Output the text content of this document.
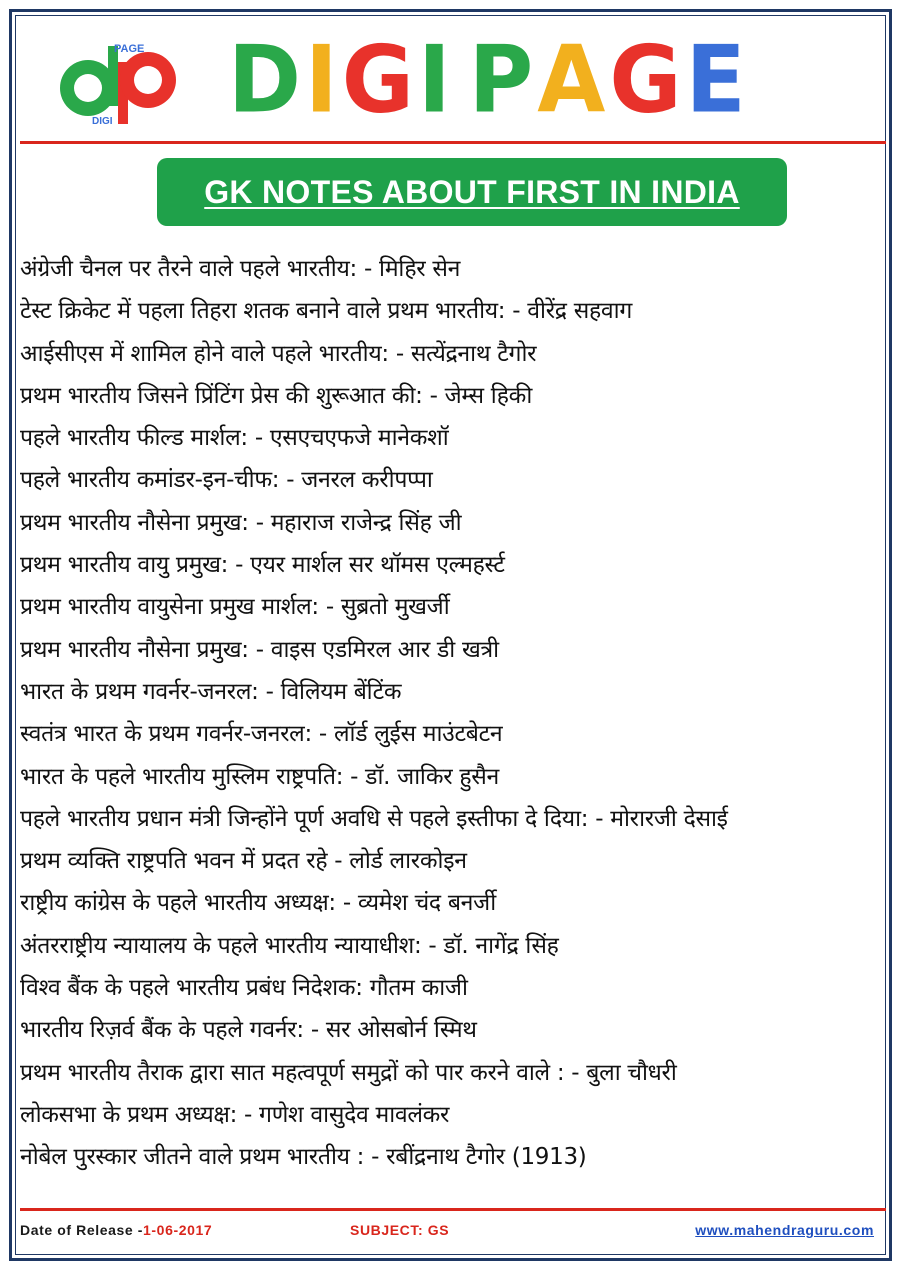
PAGE
DIGI D I G I P A G E
GK NOTES ABOUT FIRST IN INDIA
अंग्रेजी चैनल पर तैरने वाले पहले भारतीय: - मिहिर सेन
टेस्ट क्रिकेट में पहला तिहरा शतक बनाने वाले प्रथम भारतीय: - वीरेंद्र सहवाग
आईसीएस में शामिल होने वाले पहले भारतीय: - सत्येंद्रनाथ टैगोर
प्रथम भारतीय जिसने प्रिंटिंग प्रेस की शुरूआत की: - जेम्स हिकी
पहले भारतीय फील्ड मार्शल: - एसएचएफजे मानेकशॉ
पहले भारतीय कमांडर-इन-चीफ: - जनरल करीपप्पा
प्रथम भारतीय नौसेना प्रमुख: - महाराज राजेन्द्र सिंह जी
प्रथम भारतीय वायु प्रमुख: - एयर मार्शल सर थॉमस एल्महर्स्ट
प्रथम भारतीय वायुसेना प्रमुख मार्शल: - सुब्रतो मुखर्जी
प्रथम भारतीय नौसेना प्रमुख: - वाइस एडमिरल आर डी खत्री
भारत के प्रथम गवर्नर-जनरल: - विलियम बेंटिंक
स्वतंत्र भारत के प्रथम गवर्नर-जनरल: - लॉर्ड लुईस माउंटबेटन
भारत के पहले भारतीय मुस्लिम राष्ट्रपति: - डॉ. जाकिर हुसैन
पहले भारतीय प्रधान मंत्री जिन्होंने पूर्ण अवधि से पहले इस्तीफा दे दिया: - मोरारजी देसाई
प्रथम व्यक्ति राष्ट्रपति भवन में प्रदत रहे - लोर्ड लारकोइन
राष्ट्रीय कांग्रेस के पहले भारतीय अध्यक्ष: - व्यमेश चंद बनर्जी
अंतरराष्ट्रीय न्यायालय के पहले भारतीय न्यायाधीश: - डॉ. नागेंद्र सिंह
विश्व बैंक के पहले भारतीय प्रबंध निदेशक: गौतम काजी
भारतीय रिज़र्व बैंक के पहले गवर्नर: - सर ओसबोर्न स्मिथ
प्रथम भारतीय तैराक द्वारा सात महत्वपूर्ण समुद्रों को पार करने वाले : - बुला चौधरी
लोकसभा के प्रथम अध्यक्ष: - गणेश वासुदेव मावलंकर
नोबेल पुरस्कार जीतने वाले प्रथम भारतीय : - रबींद्रनाथ टैगोर (1913)
Date of Release -1-06-2017	SUBJECT: GS	www.mahendraguru.com
